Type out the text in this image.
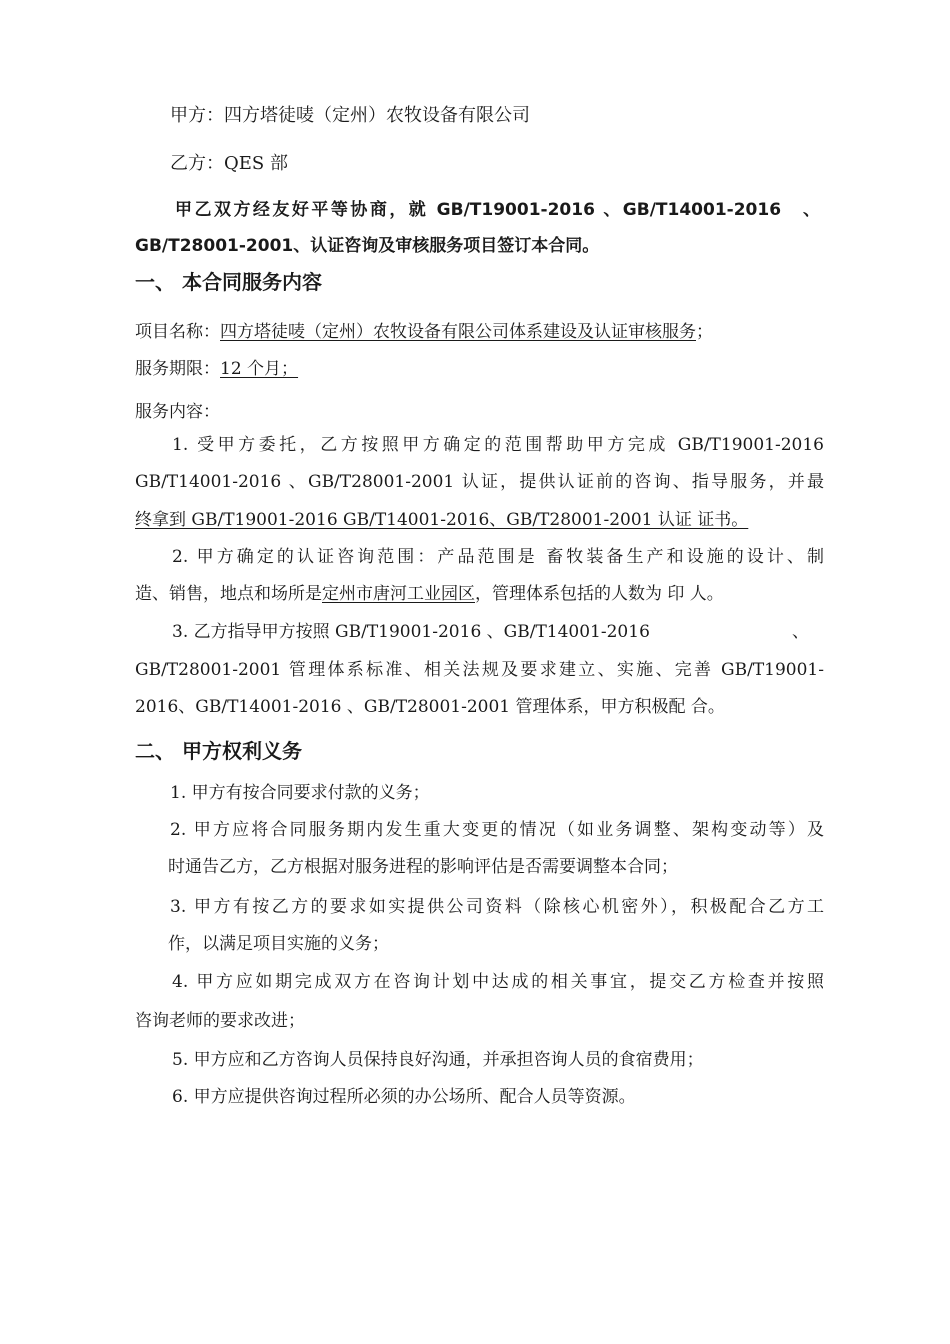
甲方：四方塔徒唛（定州）农牧设备有限公司
乙方：QES 部
甲乙双方经友好平等协商，就 GB/T19001-2016 、GB/T14001-2016　、
GB/T28001-2001、认证咨询及审核服务项目签订本合同。
一、 本合同服务内容
项目名称：四方塔徒唛（定州）农牧设备有限公司体系建设及认证审核服务；
服务期限：12 个月；
服务内容：
1. 受甲方委托，乙方按照甲方确定的范围帮助甲方完成 GB/T19001-2016
GB/T14001-2016 、GB/T28001-2001 认证，提供认证前的咨询、指导服务，并最
终拿到 GB/T19001-2016 GB/T14001-2016、GB/T28001-2001 认证 证书。
2. 甲方确定的认证咨询范围：产品范围是 畜牧装备生产和设施的设计、制
造、销售，地点和场所是定州市唐河工业园区，管理体系包括的人数为 印 人。
3. 乙方指导甲方按照 GB/T19001-2016 、GB/T14001-2016	、
GB/T28001-2001 管理体系标准、相关法规及要求建立、实施、完善 GB/T19001-
2016、GB/T14001-2016 、GB/T28001-2001 管理体系，甲方积极配 合。
二、 甲方权利义务
1. 甲方有按合同要求付款的义务；
2. 甲方应将合同服务期内发生重大变更的情况（如业务调整、架构变动等）及
时通告乙方，乙方根据对服务进程的影响评估是否需要调整本合同；
3. 甲方有按乙方的要求如实提供公司资料（除核心机密外），积极配合乙方工
作，以满足项目实施的义务；
4. 甲方应如期完成双方在咨询计划中达成的相关事宜，提交乙方检查并按照
咨询老师的要求改进；
5. 甲方应和乙方咨询人员保持良好沟通，并承担咨询人员的食宿费用；
6. 甲方应提供咨询过程所必须的办公场所、配合人员等资源。
